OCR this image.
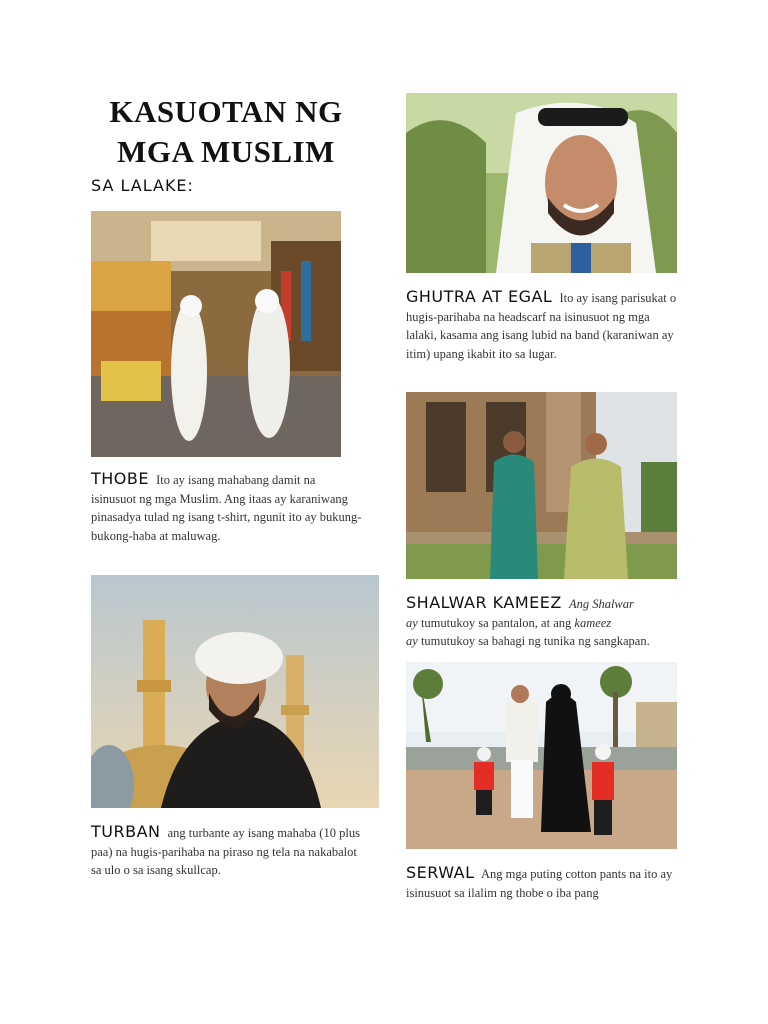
KASUOTAN NG
MGA MUSLIM
SA LALAKE:

THOBE Ito ay isang mahabang damit na isinusuot ng mga Muslim. Ang itaas ay karaniwang pinasadya tulad ng isang t-shirt, ngunit ito ay bukung-bukong-haba at maluwag.

GHUTRA AT EGAL Ito ay isang parisukat o hugis-parihaba na headscarf na isinusuot ng mga lalaki, kasama ang isang lubid na band (karaniwan ay itim) upang ikabit ito sa lugar.

SHALWAR KAMEEZ Ang Shalwar
ay tumutukoy sa pantalon, at ang kameez
ay tumutukoy sa bahagi ng tunika ng sangkapan.

TURBAN ang turbante ay isang mahaba (10 plus paa) na hugis-parihaba na piraso ng tela na nakabalot sa ulo o sa isang skullcap.	SERWAL Ang mga puting cotton pants na ito ay isinusuot sa ilalim ng thobe o iba pang
